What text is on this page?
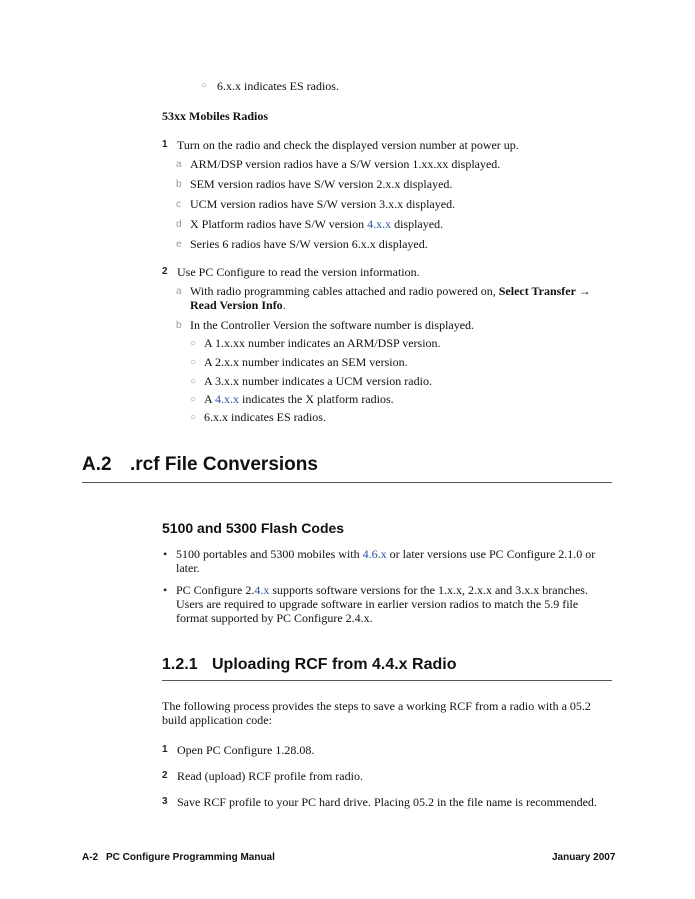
○ 6.x.x indicates ES radios.
53xx Mobiles Radios
1 Turn on the radio and check the displayed version number at power up.
a ARM/DSP version radios have a S/W version 1.xx.xx displayed.
b SEM version radios have S/W version 2.x.x displayed.
c UCM version radios have S/W version 3.x.x displayed.
d X Platform radios have S/W version 4.x.x displayed.
e Series 6 radios have S/W version 6.x.x displayed.
2 Use PC Configure to read the version information.
a With radio programming cables attached and radio powered on, Select Transfer →
Read Version Info.
b In the Controller Version the software number is displayed.
○ A 1.x.xx number indicates an ARM/DSP version.
○ A 2.x.x number indicates an SEM version.
○ A 3.x.x number indicates a UCM version radio.
○ A 4.x.x indicates the X platform radios.
○ 6.x.x indicates ES radios.
A.2 .rcf File Conversions
5100 and 5300 Flash Codes
• 5100 portables and 5300 mobiles with 4.6.x or later versions use PC Configure 2.1.0 or
later.
• PC Configure 2.4.x supports software versions for the 1.x.x, 2.x.x and 3.x.x branches.
Users are required to upgrade software in earlier version radios to match the 5.9 file
format supported by PC Configure 2.4.x.
1.2.1 Uploading RCF from 4.4.x Radio
The following process provides the steps to save a working RCF from a radio with a 05.2
build application code:
1 Open PC Configure 1.28.08.
2 Read (upload) RCF profile from radio.
3 Save RCF profile to your PC hard drive. Placing 05.2 in the file name is recommended.
A-2 PC Configure Programming Manual	January 2007
